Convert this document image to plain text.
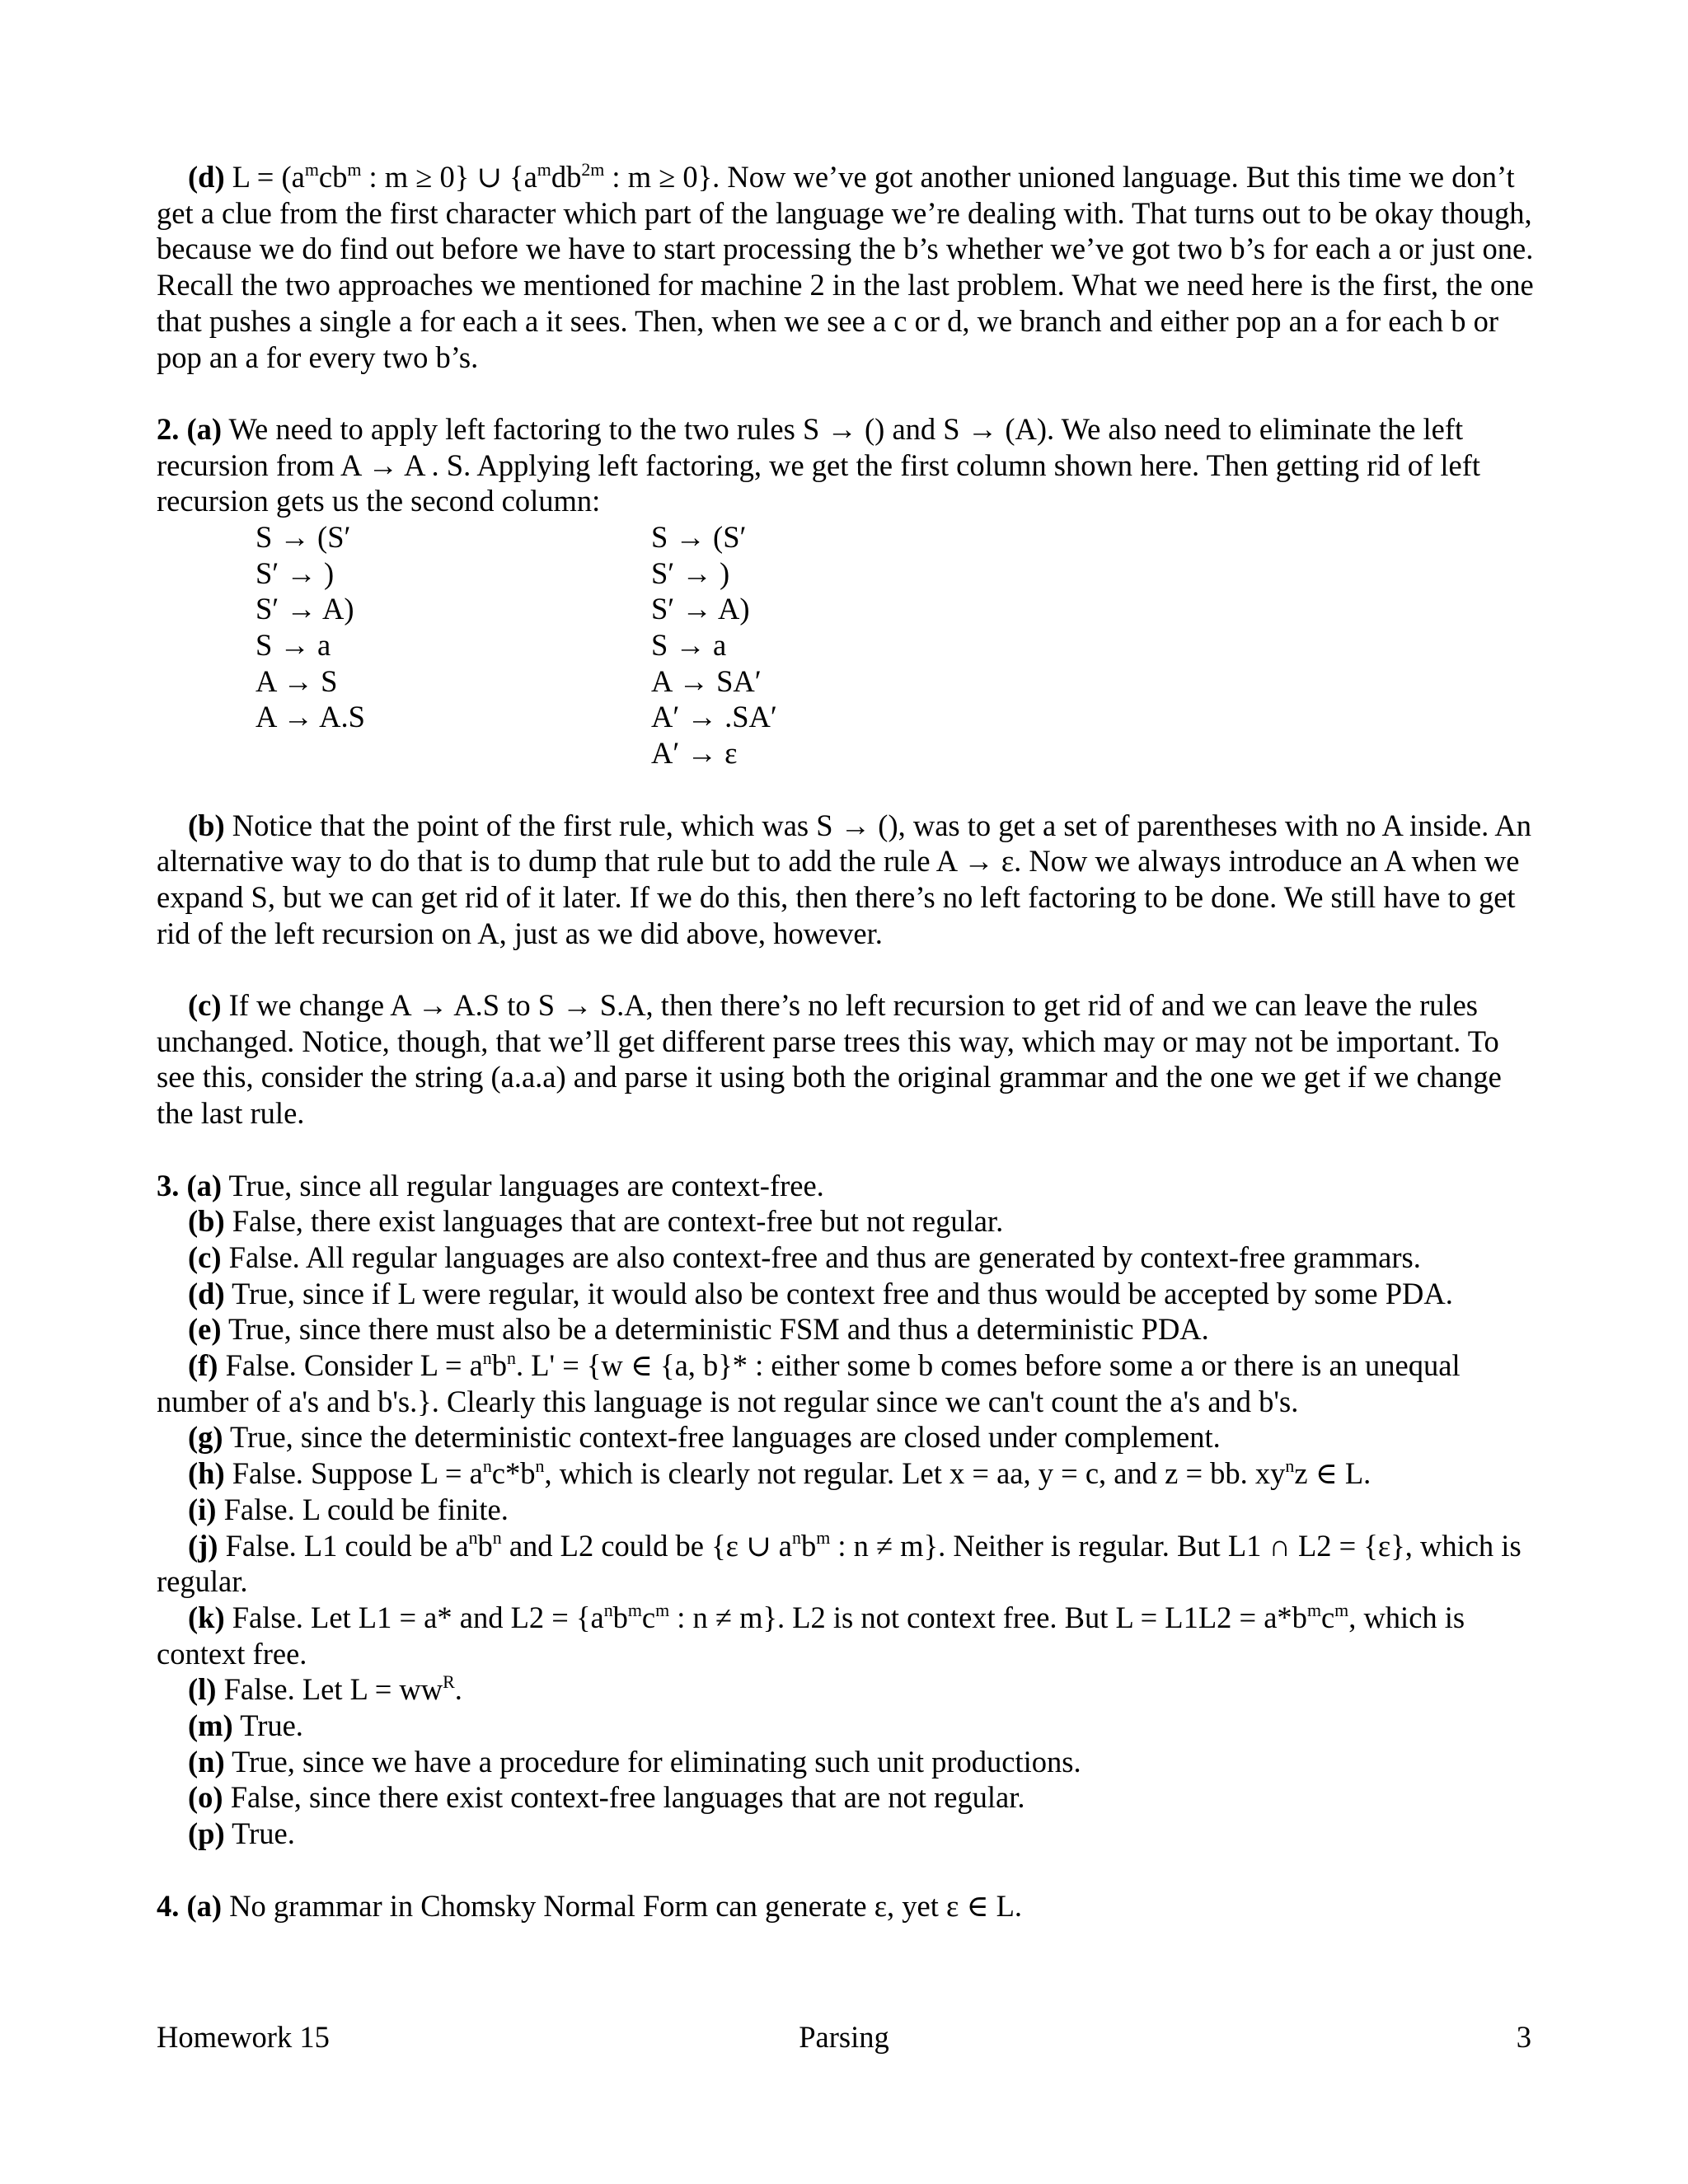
(d) $L = (a^mcb^m$ : m ≥ 0} ∪ {$a^mdb^{2m}$ : m ≥ 0}. Now we’ve got another unioned language. But this time we don’t get a clue from the first character which part of the language we’re dealing with. That turns out to be okay though, because we do find out before we have to start processing the b’s whether we’ve got two b’s for each a or just one. Recall the two approaches we mentioned for machine 2 in the last problem. What we need here is the first, the one that pushes a single a for each a it sees. Then, when we see a c or d, we branch and either pop an a for each b or pop an a for every two b’s.

2. (a) We need to apply left factoring to the two rules S → () and S → (A). We also need to eliminate the left recursion from A → A . S. Applying left factoring, we get the first column shown here. Then getting rid of left recursion gets us the second column:

S → (S′
S′ → )
S′ → A)
S → a
A → S
A → A.S
S → (S′
S′ → )
S′ → A)
S → a
A → SA′
A′ → .SA′
A′ → ε

(b) Notice that the point of the first rule, which was S → (), was to get a set of parentheses with no A inside. An alternative way to do that is to dump that rule but to add the rule A → ε. Now we always introduce an A when we expand S, but we can get rid of it later. If we do this, then there’s no left factoring to be done. We still have to get rid of the left recursion on A, just as we did above, however.

(c) If we change A → A.S to S → S.A, then there’s no left recursion to get rid of and we can leave the rules unchanged. Notice, though, that we’ll get different parse trees this way, which may or may not be important. To see this, consider the string (a.a.a) and parse it using both the original grammar and the one we get if we change the last rule.

3. (a) True, since all regular languages are context-free.

(b) False, there exist languages that are context-free but not regular.

(c) False. All regular languages are also context-free and thus are generated by context-free grammars.

(d) True, since if L were regular, it would also be context free and thus would be accepted by some PDA.

(e) True, since there must also be a deterministic FSM and thus a deterministic PDA.

(f) False. Consider $L = a^nb^n$. L' = {w ∈ {a, b}* : either some b comes before some a or there is an unequal number of a's and b's.}. Clearly this language is not regular since we can't count the a's and b's.

(g) True, since the deterministic context-free languages are closed under complement.

(h) False. Suppose $L = a^nc*b^n$, which is clearly not regular. Let x = aa, y = c, and z = bb. $xy^nz$ ∈ L.

(i) False. L could be finite.

(j) False. L1 could be $a^nb^n$ and L2 could be {ε ∪ $a^nb^m$ : n ≠ m}. Neither is regular. But L1 ∩ L2 = {ε}, which is regular.

(k) False. Let L1 = a* and $L2 = \{a^nb^mc^m$ : n ≠ m}. L2 is not context free. But $L = L1L2 = a*b^mc^m$, which is context free.

(l) False. Let $L = ww^R$.

(m) True.

(n) True, since we have a procedure for eliminating such unit productions.

(o) False, since there exist context-free languages that are not regular.

(p) True.

4. (a) No grammar in Chomsky Normal Form can generate ε, yet ε ∈ L.

Homework 15	Parsing	3
